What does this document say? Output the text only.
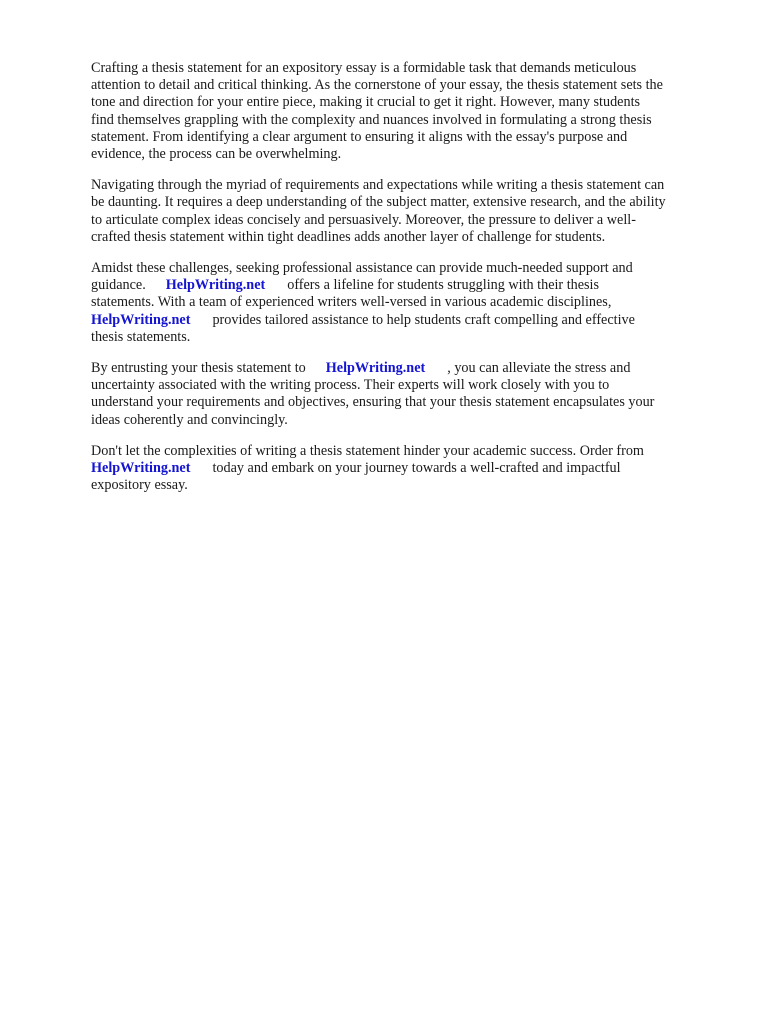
Crafting a thesis statement for an expository essay is a formidable task that demands meticulous
attention to detail and critical thinking. As the cornerstone of your essay, the thesis statement sets the
tone and direction for your entire piece, making it crucial to get it right. However, many students
find themselves grappling with the complexity and nuances involved in formulating a strong thesis
statement. From identifying a clear argument to ensuring it aligns with the essay's purpose and
evidence, the process can be overwhelming.

Navigating through the myriad of requirements and expectations while writing a thesis statement can
be daunting. It requires a deep understanding of the subject matter, extensive research, and the ability
to articulate complex ideas concisely and persuasively. Moreover, the pressure to deliver a well-
crafted thesis statement within tight deadlines adds another layer of challenge for students.

Amidst these challenges, seeking professional assistance can provide much-needed support and
guidance. HelpWriting.net offers a lifeline for students struggling with their thesis
statements. With a team of experienced writers well-versed in various academic disciplines,
HelpWriting.net provides tailored assistance to help students craft compelling and effective
thesis statements.

By entrusting your thesis statement to HelpWriting.net , you can alleviate the stress and
uncertainty associated with the writing process. Their experts will work closely with you to
understand your requirements and objectives, ensuring that your thesis statement encapsulates your
ideas coherently and convincingly.

Don't let the complexities of writing a thesis statement hinder your academic success. Order from
HelpWriting.net today and embark on your journey towards a well-crafted and impactful
expository essay.
